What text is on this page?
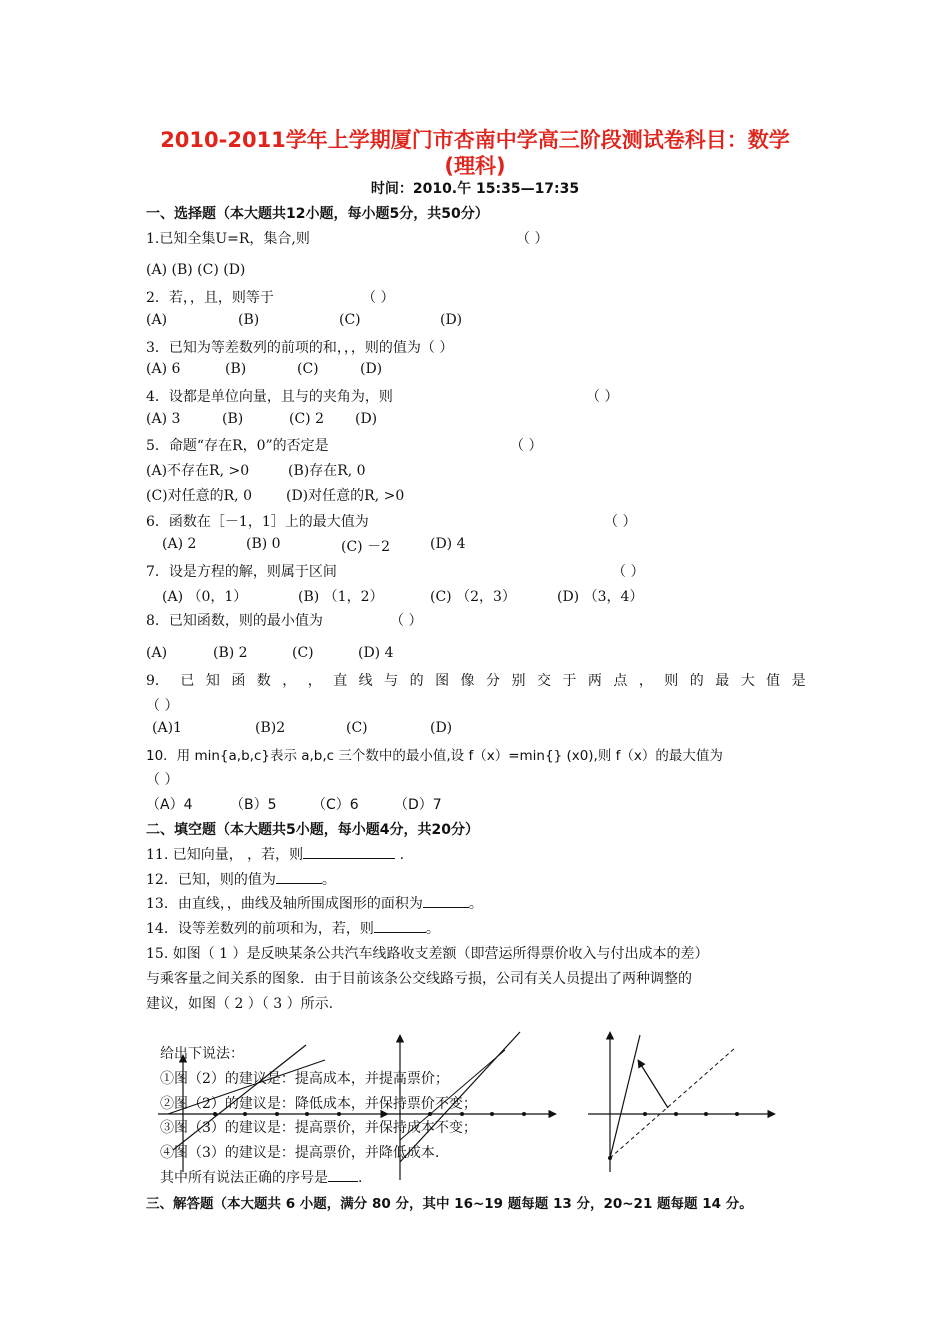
2010-2011学年上学期厦门市杏南中学高三阶段测试卷科目：数学
(理科)
时间：2010.午 15:35—17:35
一、选择题（本大题共12小题，每小题5分，共50分）
1.已知全集U=R，集合,则	（ ）
(A) (B) (C) (D)
2．若，，且，则等于	（ ）
(A)	(B)	(C)	(D)
3．已知为等差数列的前项的和，，，则的值为（ ）
(A) 6	(B)	(C)	(D)
4．设都是单位向量，且与的夹角为，则	（ ）
(A) 3	(B)	(C) 2 (D)
5．命题“存在R，0”的否定是	（ ）
(A)不存在R, >0	(B)存在R, 0
(C)对任意的R, 0 (D)对任意的R, >0
6．函数在［－1，1］上的最大值为	（ ）
(A) 2	(B) 0	(C) －2	(D) 4
7．设是方程的解，则属于区间	（ ）
(A) （0，1）	(B) （1，2）	(C) （2，3）	(D) （3，4）
8．已知函数，则的最小值为	（ ）
(A)	(B) 2	(C)	(D) 4
9． 已 知 函 数 ， ， 直 线 与 的 图 像 分 别 交 于 两 点 ， 则 的 最 大 值 是
（ ）
(A)1	(B)2	(C)	(D)
10．用 min{a,b,c}表示 a,b,c 三个数中的最小值,设 f（x）=min{} (x0),则 f（x）的最大值为
（ ）
（A）4	（B）5	（C）6	（D）7
二、填空题（本大题共5小题，每小题4分，共20分）
11. 已知向量， ，若，则	.
12．已知，则的值为	。
13．由直线，，曲线及轴所围成图形的面积为	。
14．设等差数列的前项和为，若，则	。
15. 如图（ 1 ）是反映某条公共汽车线路收支差额（即营运所得票价收入与付出成本的差）
与乘客量之间关系的图象．由于目前该条公交线路亏损，公司有关人员提出了两种调整的
建议，如图（ 2 ）（ 3 ）所示.
给出下说法：
①图（2）的建议是：提高成本，并提高票价；
②图（2）的建议是：降低成本，并保持票价不变；
③图（3）的建议是：提高票价，并保持成本不变；
④图（3）的建议是：提高票价，并降低成本.
其中所有说法正确的序号是 .
三、解答题（本大题共 6 小题，满分 80 分，其中 16~19 题每题 13 分，20~21 题每题 14 分。
